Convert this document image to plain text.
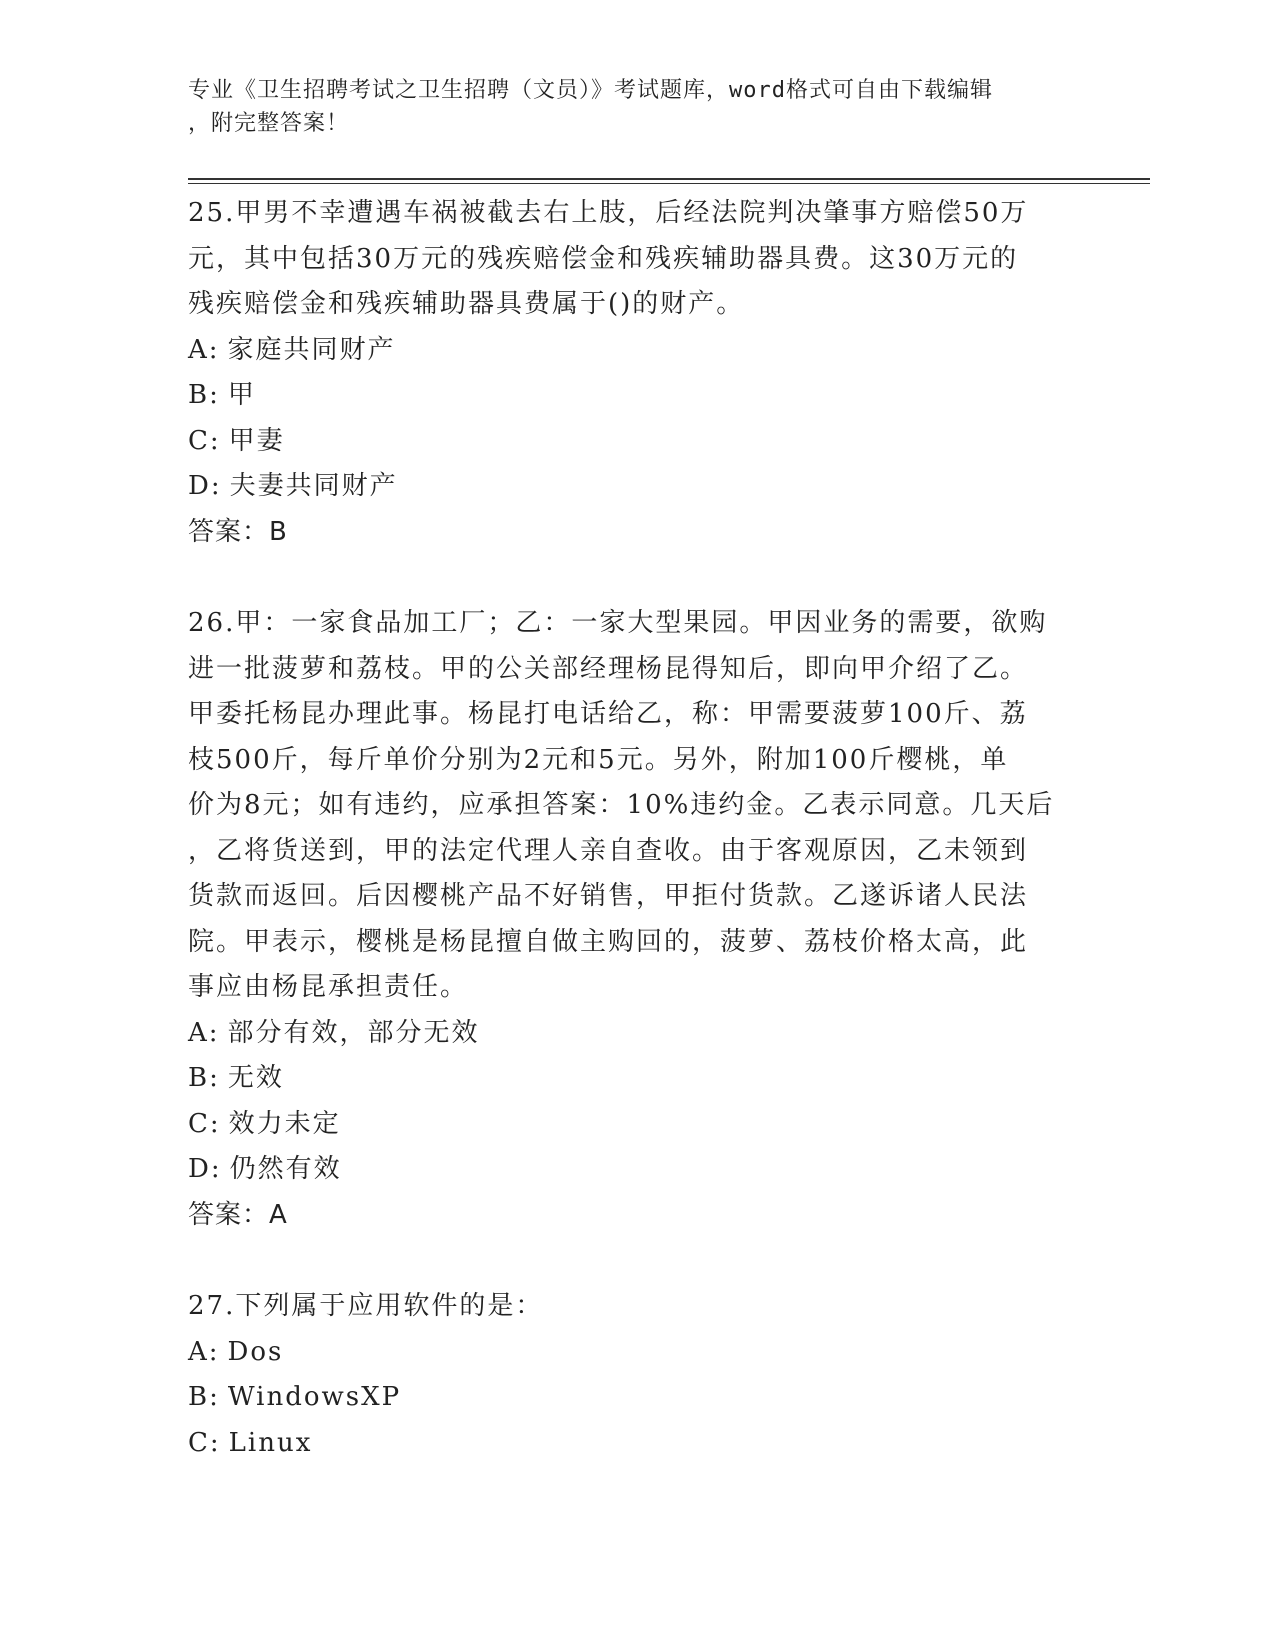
专业《卫生招聘考试之卫生招聘（文员）》考试题库，word格式可自由下载编辑
，附完整答案！

25.甲男不幸遭遇车祸被截去右上肢，后经法院判决肇事方赔偿50万

元，其中包括30万元的残疾赔偿金和残疾辅助器具费。这30万元的

残疾赔偿金和残疾辅助器具费属于()的财产。

A: 家庭共同财产

B: 甲

C: 甲妻

D: 夫妻共同财产

答案：B

26.甲：一家食品加工厂；乙：一家大型果园。甲因业务的需要，欲购

进一批菠萝和荔枝。甲的公关部经理杨昆得知后，即向甲介绍了乙。

甲委托杨昆办理此事。杨昆打电话给乙，称：甲需要菠萝100斤、荔

枝500斤，每斤单价分别为2元和5元。另外，附加100斤樱桃，单

价为8元；如有违约，应承担答案：10%违约金。乙表示同意。几天后

，乙将货送到，甲的法定代理人亲自查收。由于客观原因，乙未领到

货款而返回。后因樱桃产品不好销售，甲拒付货款。乙遂诉诸人民法

院。甲表示，樱桃是杨昆擅自做主购回的，菠萝、荔枝价格太高，此

事应由杨昆承担责任。

A: 部分有效，部分无效

B: 无效

C: 效力未定

D: 仍然有效

答案：A

27.下列属于应用软件的是：

A: Dos

B: WindowsXP

C: Linux
